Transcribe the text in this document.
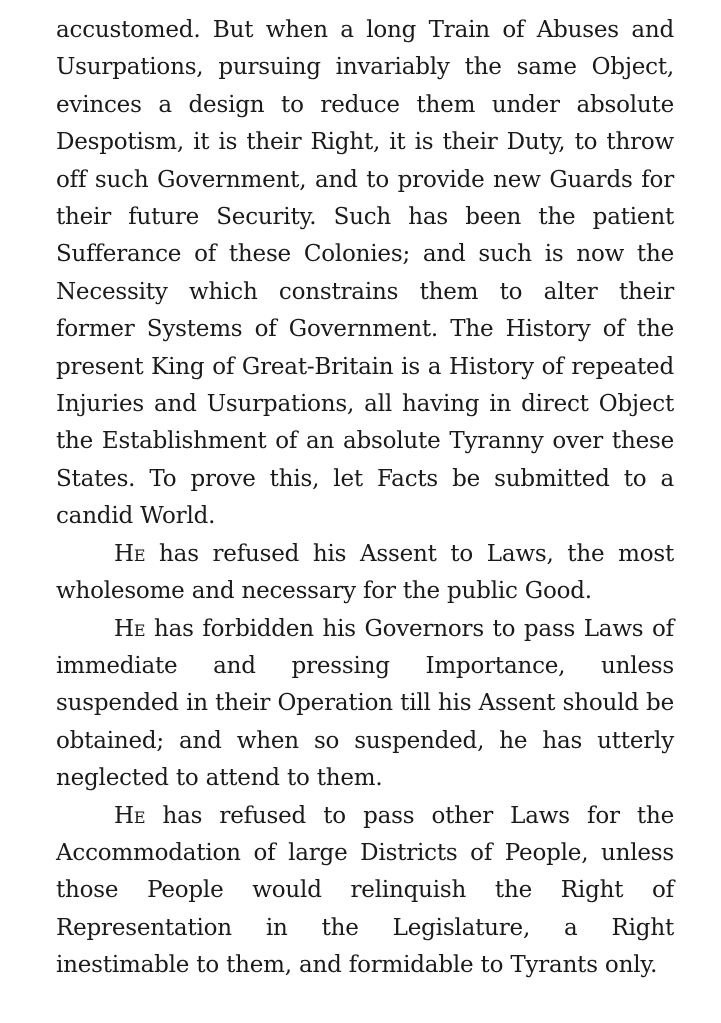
accustomed. But when a long Train of Abuses and Usurpations, pursuing invariably the same Object, evinces a design to reduce them under absolute Despotism, it is their Right, it is their Duty, to throw off such Government, and to provide new Guards for their future Security. Such has been the patient Sufferance of these Colonies; and such is now the Necessity which constrains them to alter their former Systems of Government. The History of the present King of Great-Britain is a History of repeated Injuries and Usurpations, all having in direct Object the Establishment of an absolute Tyranny over these States. To prove this, let Facts be submitted to a candid World.

He has refused his Assent to Laws, the most wholesome and necessary for the public Good.

He has forbidden his Governors to pass Laws of immediate and pressing Importance, unless suspended in their Operation till his Assent should be obtained; and when so suspended, he has utterly neglected to attend to them.

He has refused to pass other Laws for the Accommodation of large Districts of People, unless those People would relinquish the Right of Representation in the Legislature, a Right inestimable to them, and formidable to Tyrants only.
